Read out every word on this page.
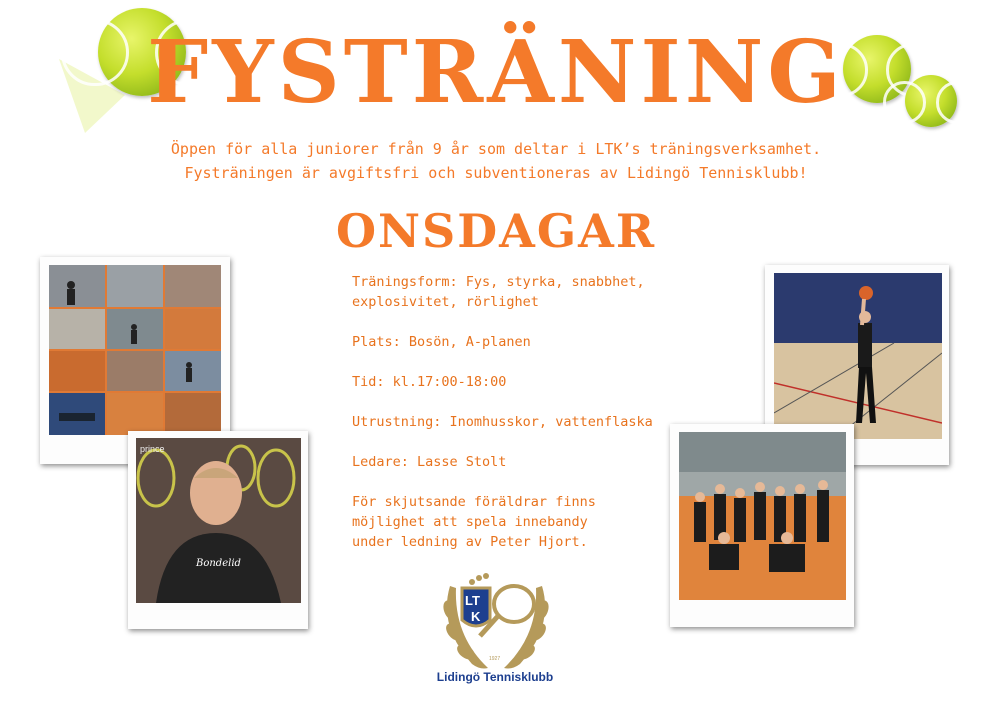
FYSTRÄNING
Öppen för alla juniorer från 9 år som deltar i LTK’s träningsverksamhet.
Fysträningen är avgiftsfri och subventioneras av Lidingö Tennisklubb!
ONSDAGAR

Träningsform: Fys, styrka, snabbhet,
explosivitet, rörlighet

Plats: Bosön, A-planen

Tid: kl.17:00-18:00

Utrustning: Inomhusskor, vattenflaska

Ledare: Lasse Stolt

För skjutsande föräldrar finns
möjlighet att spela innebandy
under ledning av Peter Hjort.

Bondelid
prince
LT
K
1927
Lidingö Tennisklubb
